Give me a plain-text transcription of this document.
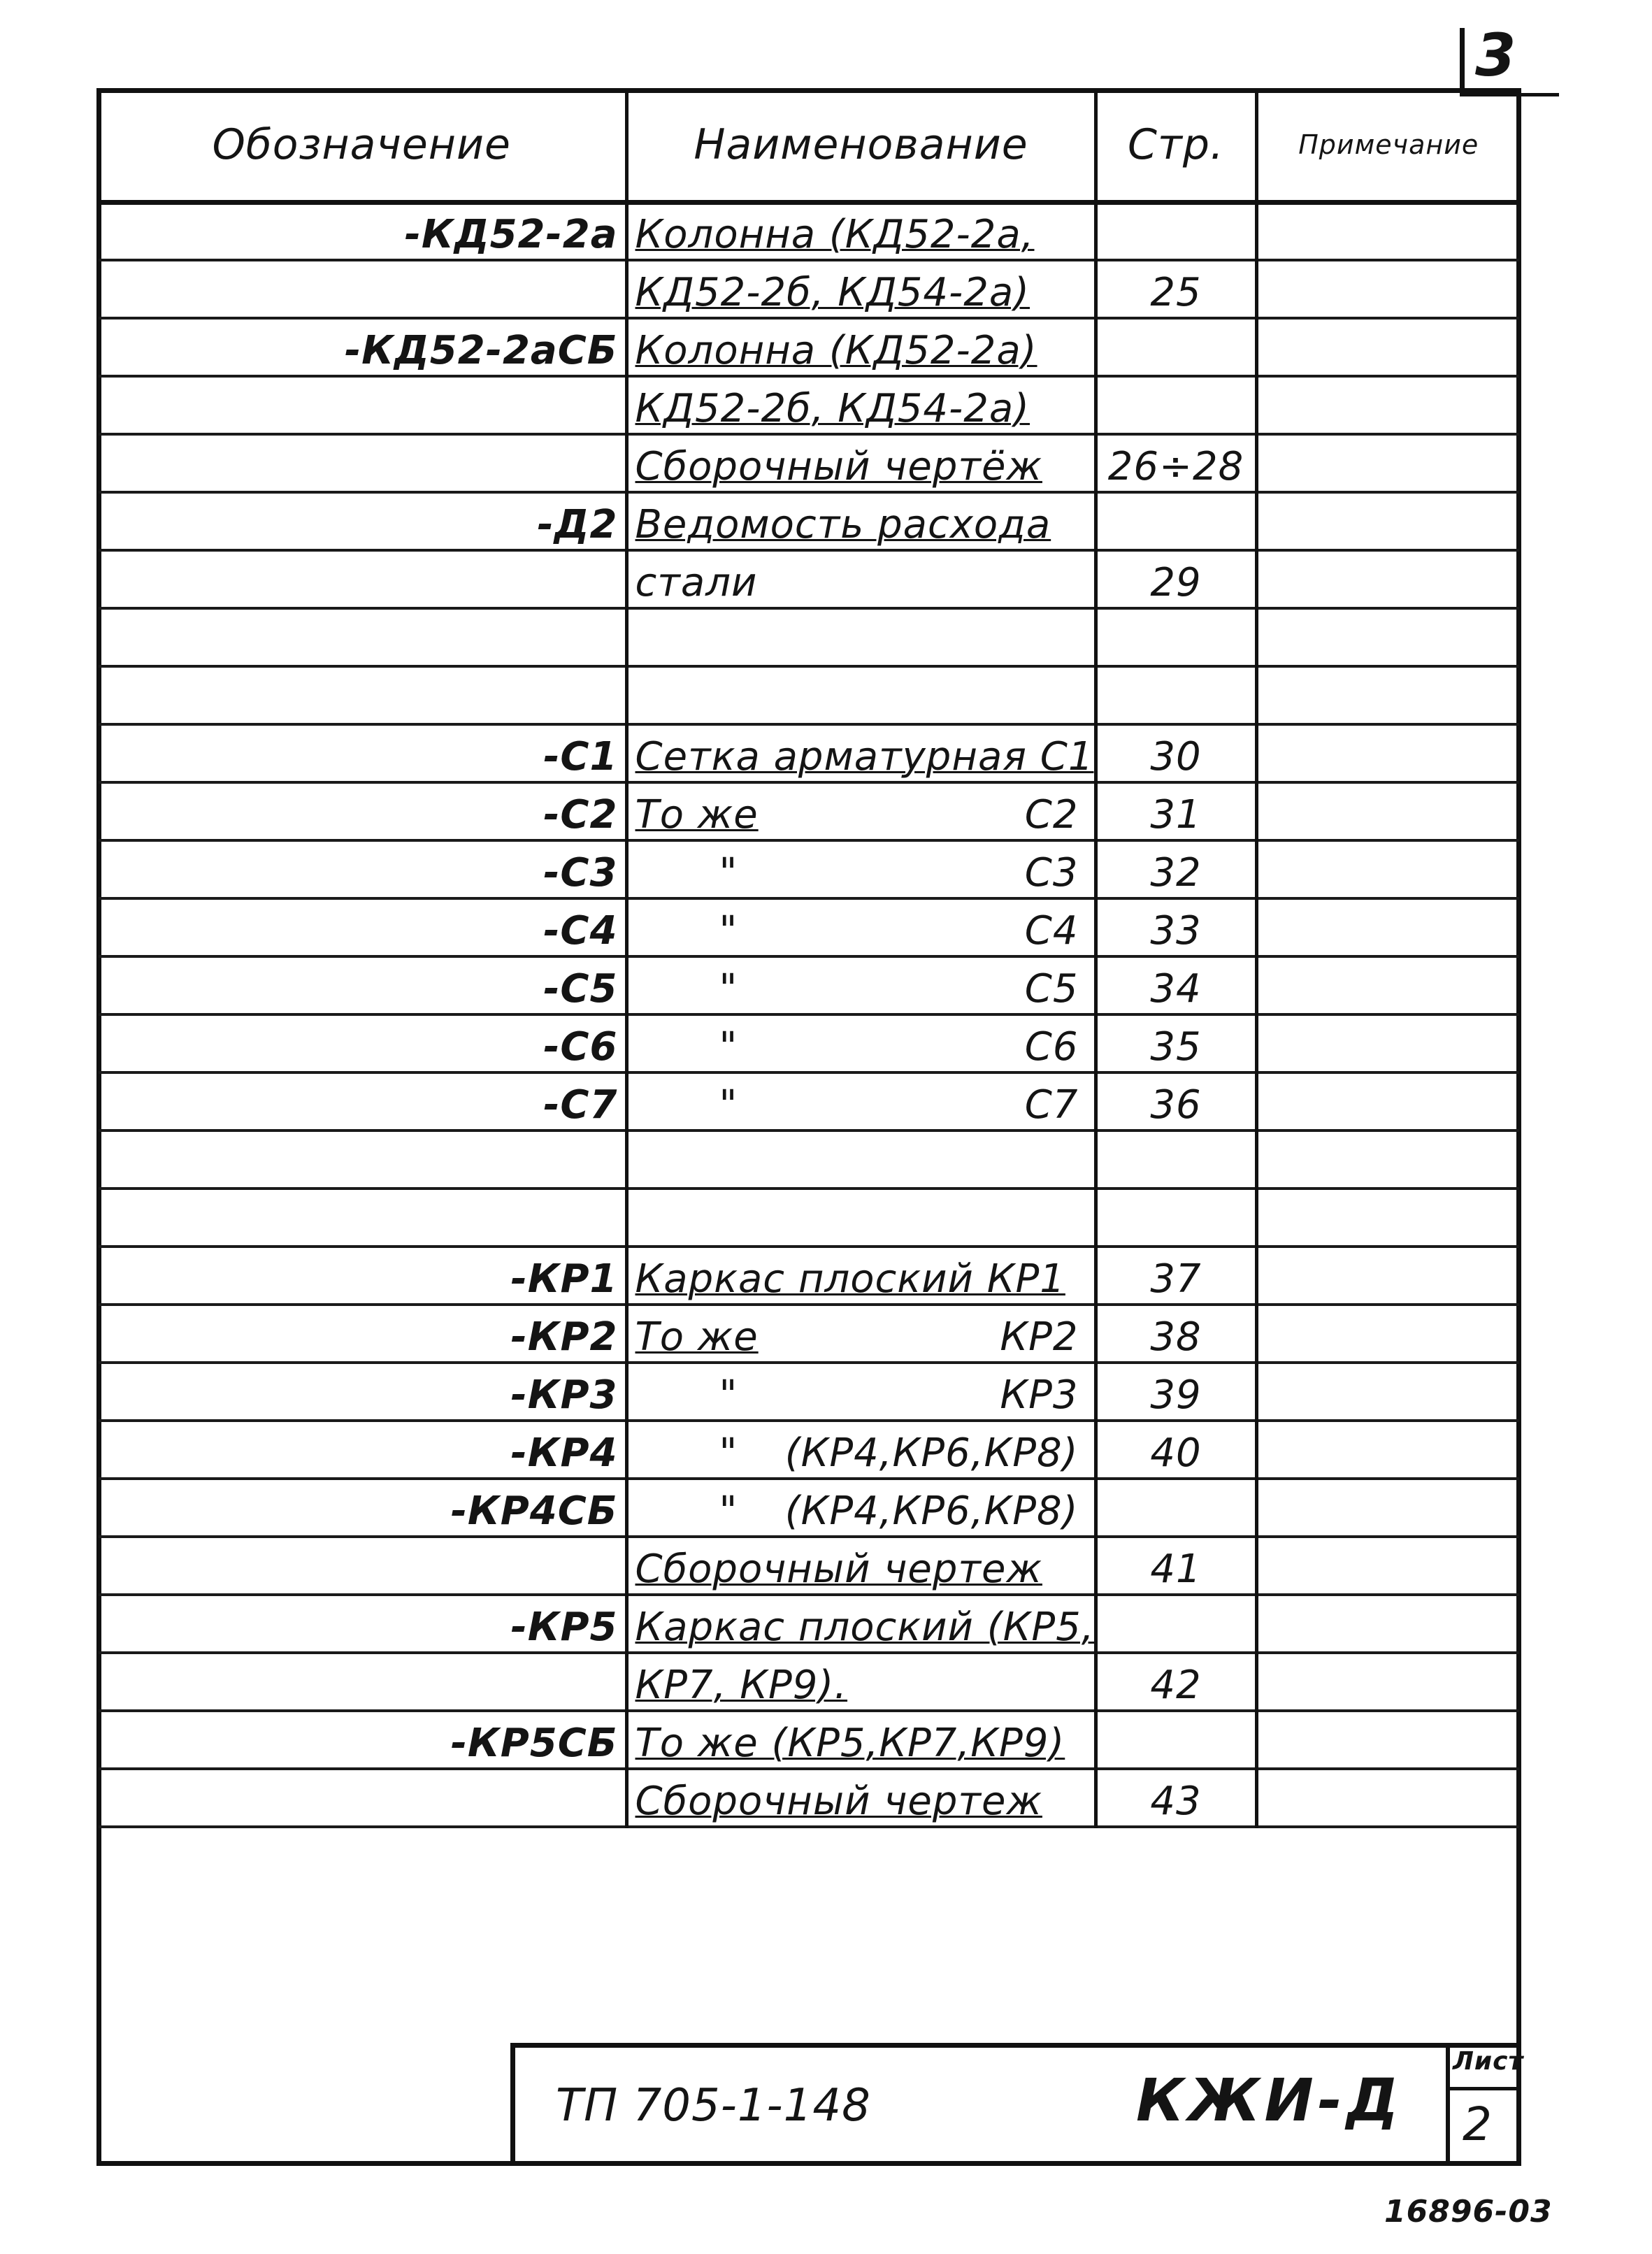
3
Обозначение	Наименование	Стр.	Примечание
-КД52-2а	Колонна (КД52-2а,		

	КД52-2б, КД54-2а)	25	
-КД52-2аСБ	Колонна (КД52-2а)		

	КД52-2б, КД54-2а)		

	Сборочный чертёж	26÷28	
-Д2	Ведомость расхода		

	стали	29	

-С1	Сетка арматурная С1	30	
-С2	То же С2	31	
-С3	" С3	32	
-С4	" С4	33	
-С5	" С5	34	
-С6	" С6	35	
-С7	" С7	36	

-КР1	Каркас плоский КР1	37	
-КР2	То же КР2	38	
-КР3	" КР3	39	
-КР4	" (КР4,КР6,КР8)	40	
-КР4СБ	" (КР4,КР6,КР8)		

	Сборочный чертеж	41	
-КР5	Каркас плоский (КР5,		

	КР7, КР9).	42	
-КР5СБ	То же (КР5,КР7,КР9)		

	Сборочный чертеж	43	
ТП 705-1-148	КЖИ-Д
Лист
2
16896-03
